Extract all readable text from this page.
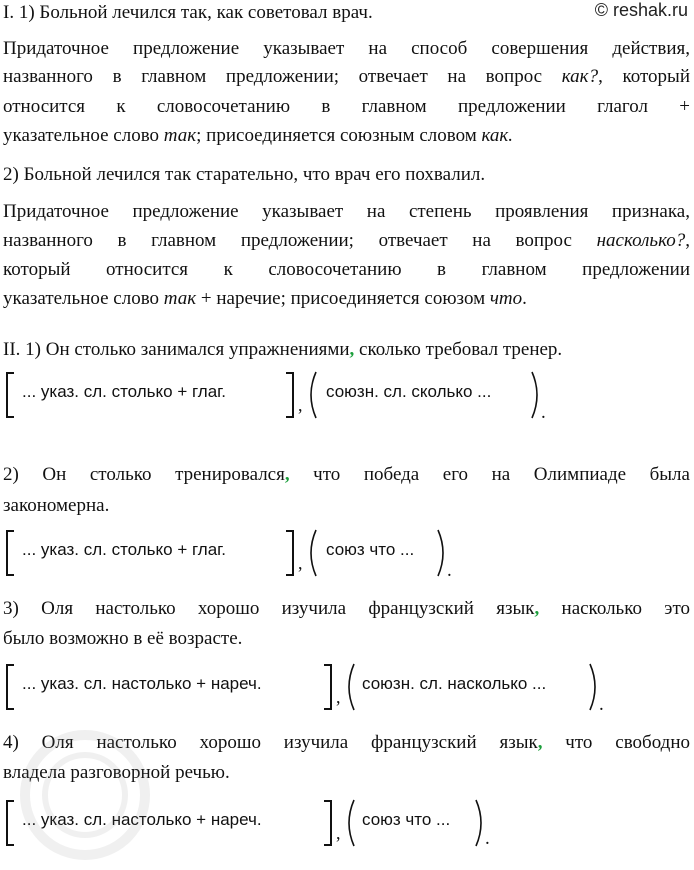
© reshak.ru
I. 1) Больной лечился так, как советовал врач.
Придаточное предложение указывает на способ совершения действия,
названного в главном предложении; отвечает на вопрос как?, который
относится к словосочетанию в главном предложении глагол +
указательное слово так; присоединяется союзным словом как.
2) Больной лечился так старательно, что врач его похвалил.
Придаточное предложение указывает на степень проявления признака,
названного в главном предложении; отвечает на вопрос насколько?,
который относится к словосочетанию в главном предложении
указательное слово так + наречие; присоединяется союзом что.
II. 1) Он столько занимался упражнениями, сколько требовал тренер.
... указ. сл. столько + глаг.
,
союзн. сл. сколько ...
.
2) Он столько тренировался, что победа его на Олимпиаде была
закономерна.
... указ. сл. столько + глаг.
,
союз что ...
.
3) Оля настолько хорошо изучила французский язык, насколько это
было возможно в её возрасте.
... указ. сл. настолько + нареч.
,
союзн. сл. насколько ...
.
4) Оля настолько хорошо изучила французский язык, что свободно
владела разговорной речью.
... указ. сл. настолько + нареч.
,
союз что ...
.
